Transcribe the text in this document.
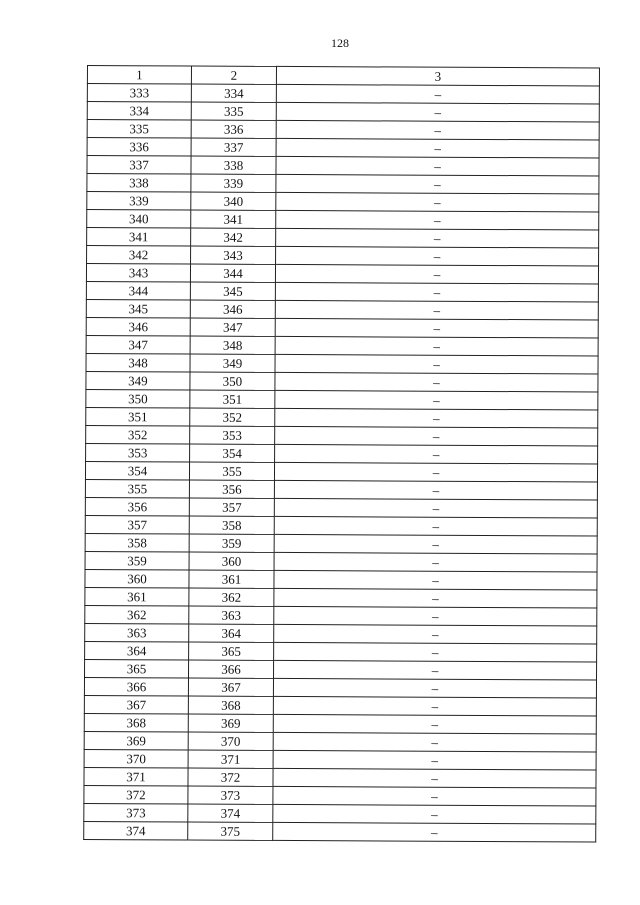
128
1	2	3
333	334	–
334	335	–
335	336	–
336	337	–
337	338	–
338	339	–
339	340	–
340	341	–
341	342	–
342	343	–
343	344	–
344	345	–
345	346	–
346	347	–
347	348	–
348	349	–
349	350	–
350	351	–
351	352	–
352	353	–
353	354	–
354	355	–
355	356	–
356	357	–
357	358	–
358	359	–
359	360	–
360	361	–
361	362	–
362	363	–
363	364	–
364	365	–
365	366	–
366	367	–
367	368	–
368	369	–
369	370	–
370	371	–
371	372	–
372	373	–
373	374	–
374	375	–
